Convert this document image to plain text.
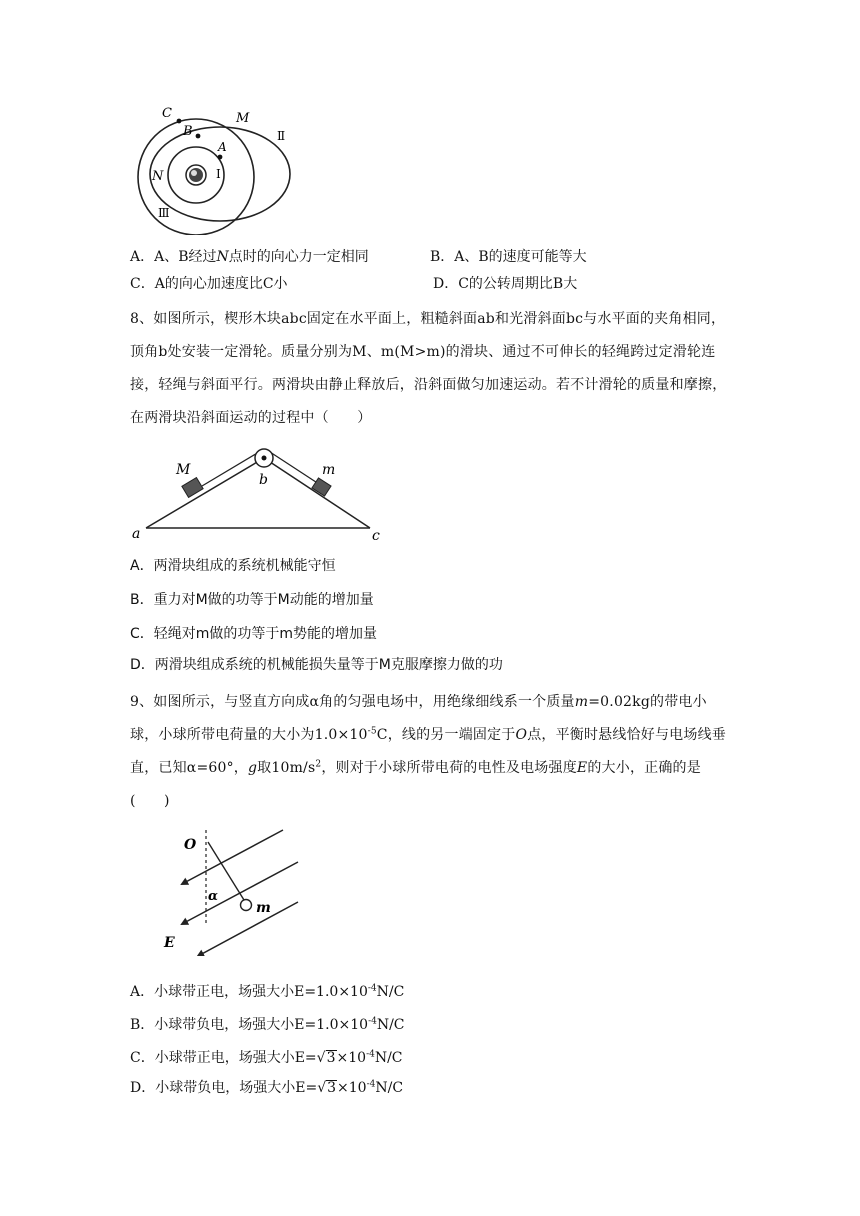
C
B
M
A
N	Ⅰ
Ⅱ
Ⅲ
A．A、B经过N点时的向心力一定相同	B．A、B的速度可能等大
C．A的向心加速度比C小	D．C的公转周期比B大
8、如图所示，楔形木块abc固定在水平面上，粗糙斜面ab和光滑斜面bc与水平面的夹角相同，顶角b处安装一定滑轮。质量分别为M、m(M>m)的滑块、通过不可伸长的轻绳跨过定滑轮连接，轻绳与斜面平行。两滑块由静止释放后，沿斜面做匀加速运动。若不计滑轮的质量和摩擦，在两滑块沿斜面运动的过程中（　　）
M	m
a
b
c
A．两滑块组成的系统机械能守恒
B．重力对M做的功等于M动能的增加量
C．轻绳对m做的功等于m势能的增加量
D．两滑块组成系统的机械能损失量等于M克服摩擦力做的功
9、如图所示，与竖直方向成α角的匀强电场中，用绝缘细线系一个质量m=0.02kg的带电小球，小球所带电荷量的大小为$1.0\times 10^{-5}C$，线的另一端固定于O点，平衡时悬线恰好与电场线垂直，已知α=60°，g取$10m/s^2$，则对于小球所带电荷的电性及电场强度E的大小，正确的是(　　)
O
α
m
E
A．小球带正电，场强大小$E=1.0\times 10^{-4}N/C$
B．小球带负电，场强大小$E=1.0\times 10^{-4}N/C$
C．小球带正电，场强大小$E=√3\times 10^{-4}N/C$
D．小球带负电，场强大小$E=√3\times 10^{-4}N/C$
